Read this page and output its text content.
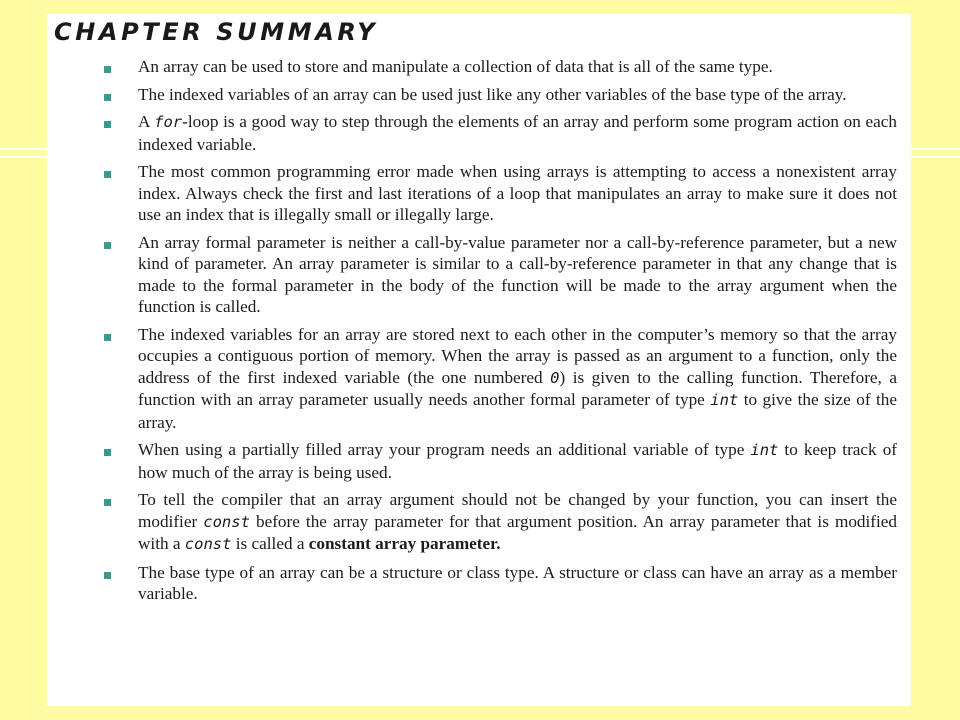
CHAPTER SUMMARY
An array can be used to store and manipulate a collection of data that is all of the same type.
The indexed variables of an array can be used just like any other variables of the base type of the array.
A for-loop is a good way to step through the elements of an array and perform some program action on each indexed variable.
The most common programming error made when using arrays is attempting to access a nonexistent array index. Always check the first and last iterations of a loop that manipulates an array to make sure it does not use an index that is illegally small or illegally large.
An array formal parameter is neither a call-by-value parameter nor a call-by-reference parameter, but a new kind of parameter. An array parameter is similar to a call-by-reference parameter in that any change that is made to the formal parameter in the body of the function will be made to the array argument when the function is called.
The indexed variables for an array are stored next to each other in the computer’s memory so that the array occupies a contiguous portion of memory. When the array is passed as an argument to a function, only the address of the first indexed variable (the one numbered 0) is given to the calling function. Therefore, a function with an array parameter usually needs another formal parameter of type int to give the size of the array.
When using a partially filled array your program needs an additional variable of type int to keep track of how much of the array is being used.
To tell the compiler that an array argument should not be changed by your function, you can insert the modifier const before the array parameter for that argument position. An array parameter that is modified with a const is called a constant array parameter.
The base type of an array can be a structure or class type. A structure or class can have an array as a member variable.
